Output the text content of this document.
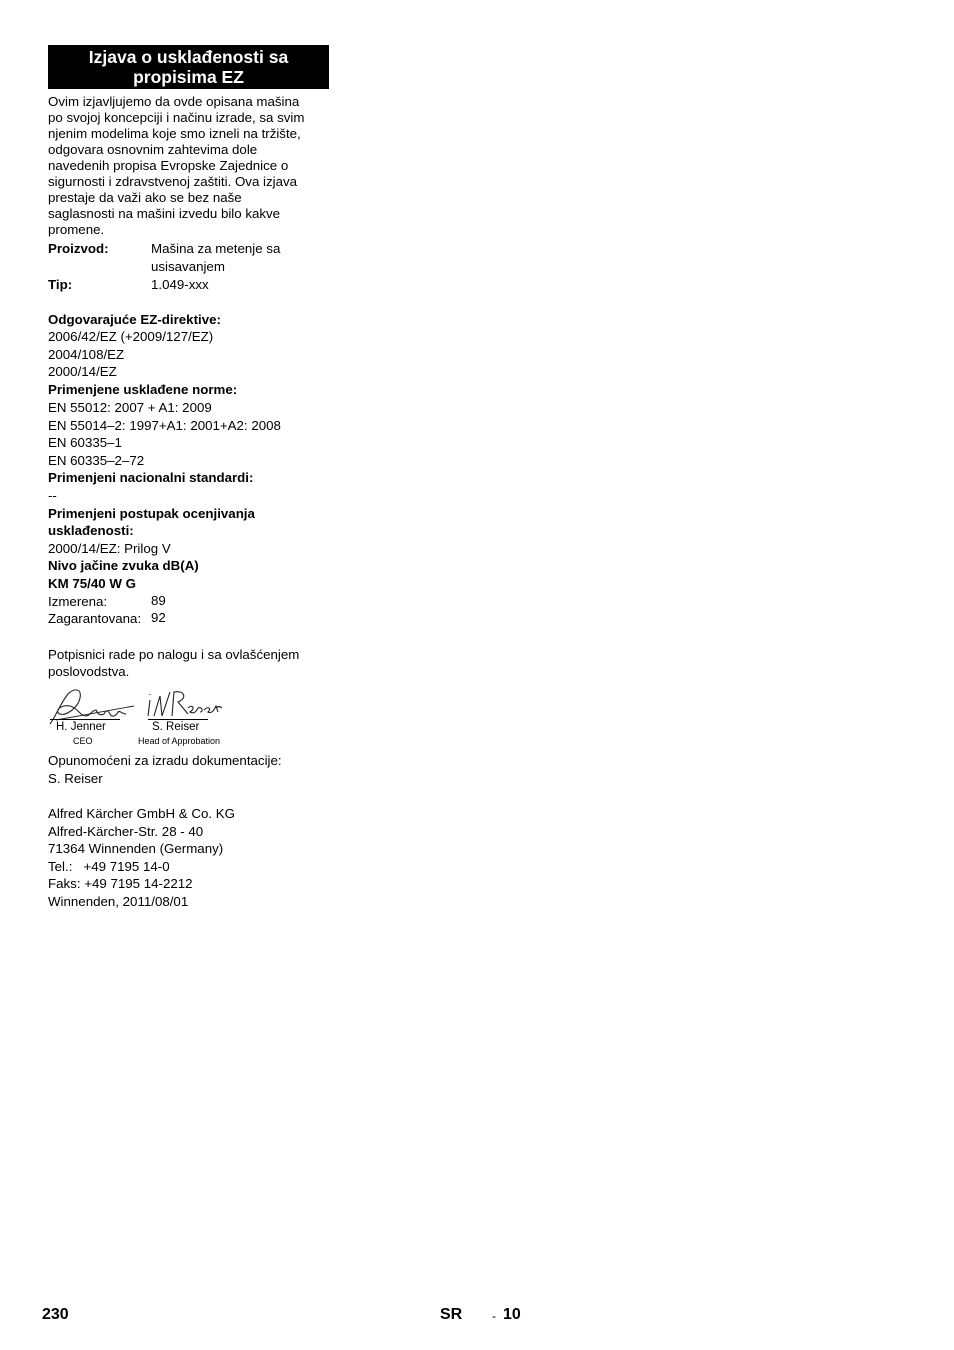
Izjava o usklađenosti sa
propisima EZ
Ovim izjavljujemo da ovde opisana mašina
po svojoj koncepciji i načinu izrade, sa svim
njenim modelima koje smo izneli na tržište,
odgovara osnovnim zahtevima dole
navedenih propisa Evropske Zajednice o
sigurnosti i zdravstvenoj zaštiti. Ova izjava
prestaje da važi ako se bez naše
saglasnosti na mašini izvedu bilo kakve
promene.
Proizvod:	Mašina za metenje sa
usisavanjem
Tip:	1.049-xxx
Odgovarajuće EZ-direktive:
2006/42/EZ (+2009/127/EZ)
2004/108/EZ
2000/14/EZ
Primenjene usklađene norme:
EN 55012: 2007 + A1: 2009
EN 55014–2: 1997+A1: 2001+A2: 2008
EN 60335–1
EN 60335–2–72
Primenjeni nacionalni standardi:
--
Primenjeni postupak ocenjivanja
usklađenosti:
2000/14/EZ: Prilog V
Nivo jačine zvuka dB(A)
KM 75/40 W G
Izmerena:	89
Zagarantovana: 92
Potpisnici rade po nalogu i sa ovlašćenjem
poslovodstva.
H. Jenner
CEO
S. Reiser
Head of Approbation
Opunomoćeni za izradu dokumentacije:
S. Reiser
Alfred Kärcher GmbH & Co. KG
Alfred-Kärcher-Str. 28 - 40
71364 Winnenden (Germany)
Tel.: +49 7195 14-0
Faks: +49 7195 14-2212
Winnenden, 2011/08/01
230	SR - 10
